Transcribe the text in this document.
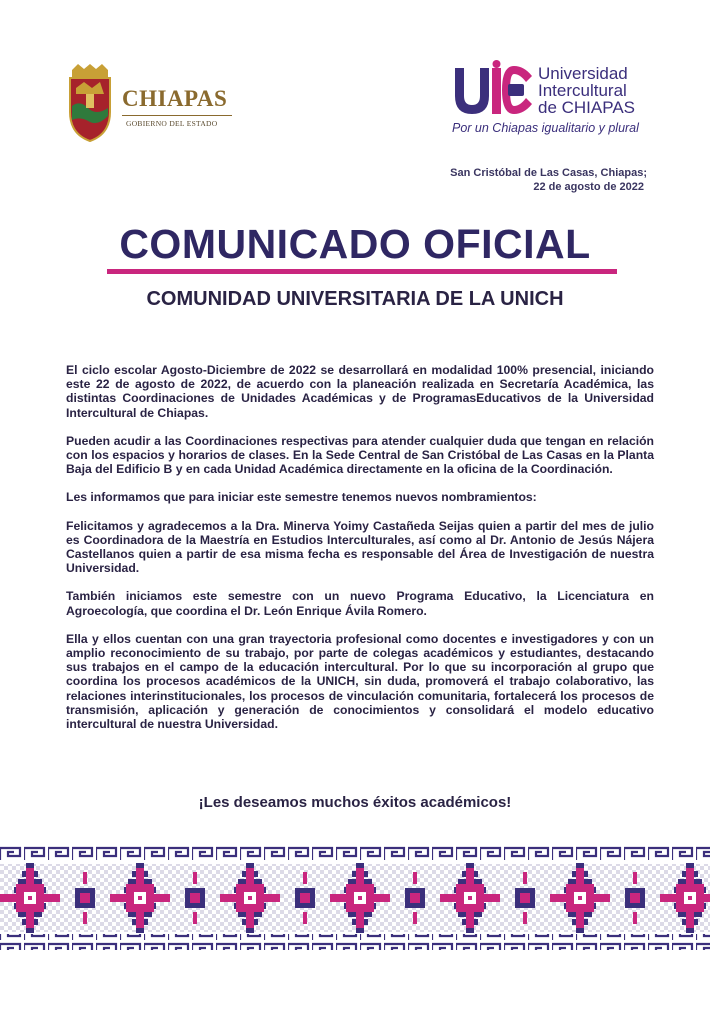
CHIAPAS
GOBIERNO DEL ESTADO
Universidad
Intercultural
de CHIAPAS
Por un Chiapas igualitario y plural
San Cristóbal de Las Casas, Chiapas;
22 de agosto de 2022
COMUNICADO OFICIAL
COMUNIDAD UNIVERSITARIA DE LA UNICH

El ciclo escolar Agosto-Diciembre de 2022 se desarrollará en modalidad 100% presencial, iniciando este 22 de agosto de 2022, de acuerdo con la planeación realizada en Secretaría Académica, las distintas Coordinaciones de Unidades Académicas y de ProgramasEducativos de la Universidad Intercultural de Chiapas.

Pueden acudir a las Coordinaciones respectivas para atender cualquier duda que tengan en relación con los espacios y horarios de clases. En la Sede Central de San Cristóbal de Las Casas en la Planta Baja del Edificio B y en cada Unidad Académica directamente en la oficina de la Coordinación.

Les informamos que para iniciar este semestre tenemos nuevos nombramientos:

Felicitamos y agradecemos a la Dra. Minerva Yoimy Castañeda Seijas quien a partir del mes de julio es Coordinadora de la Maestría en Estudios Interculturales, así como al Dr. Antonio de Jesús Nájera Castellanos quien a partir de esa misma fecha es responsable del Área de Investigación de nuestra Universidad.

También iniciamos este semestre con un nuevo Programa Educativo, la Licenciatura en Agroecología, que coordina el Dr. León Enrique Ávila Romero.

Ella y ellos cuentan con una gran trayectoria profesional como docentes e investigadores y con un amplio reconocimiento de su trabajo, por parte de colegas académicos y estudiantes, destacando sus trabajos en el campo de la educación intercultural. Por lo que su incorporación al grupo que coordina los procesos académicos de la UNICH, sin duda, promoverá el trabajo colaborativo, las relaciones interinstitucionales, los procesos de vinculación comunitaria, fortalecerá los procesos de transmisión, aplicación y generación de conocimientos y consolidará el modelo educativo intercultural de nuestra Universidad.

¡Les deseamos muchos éxitos académicos!
